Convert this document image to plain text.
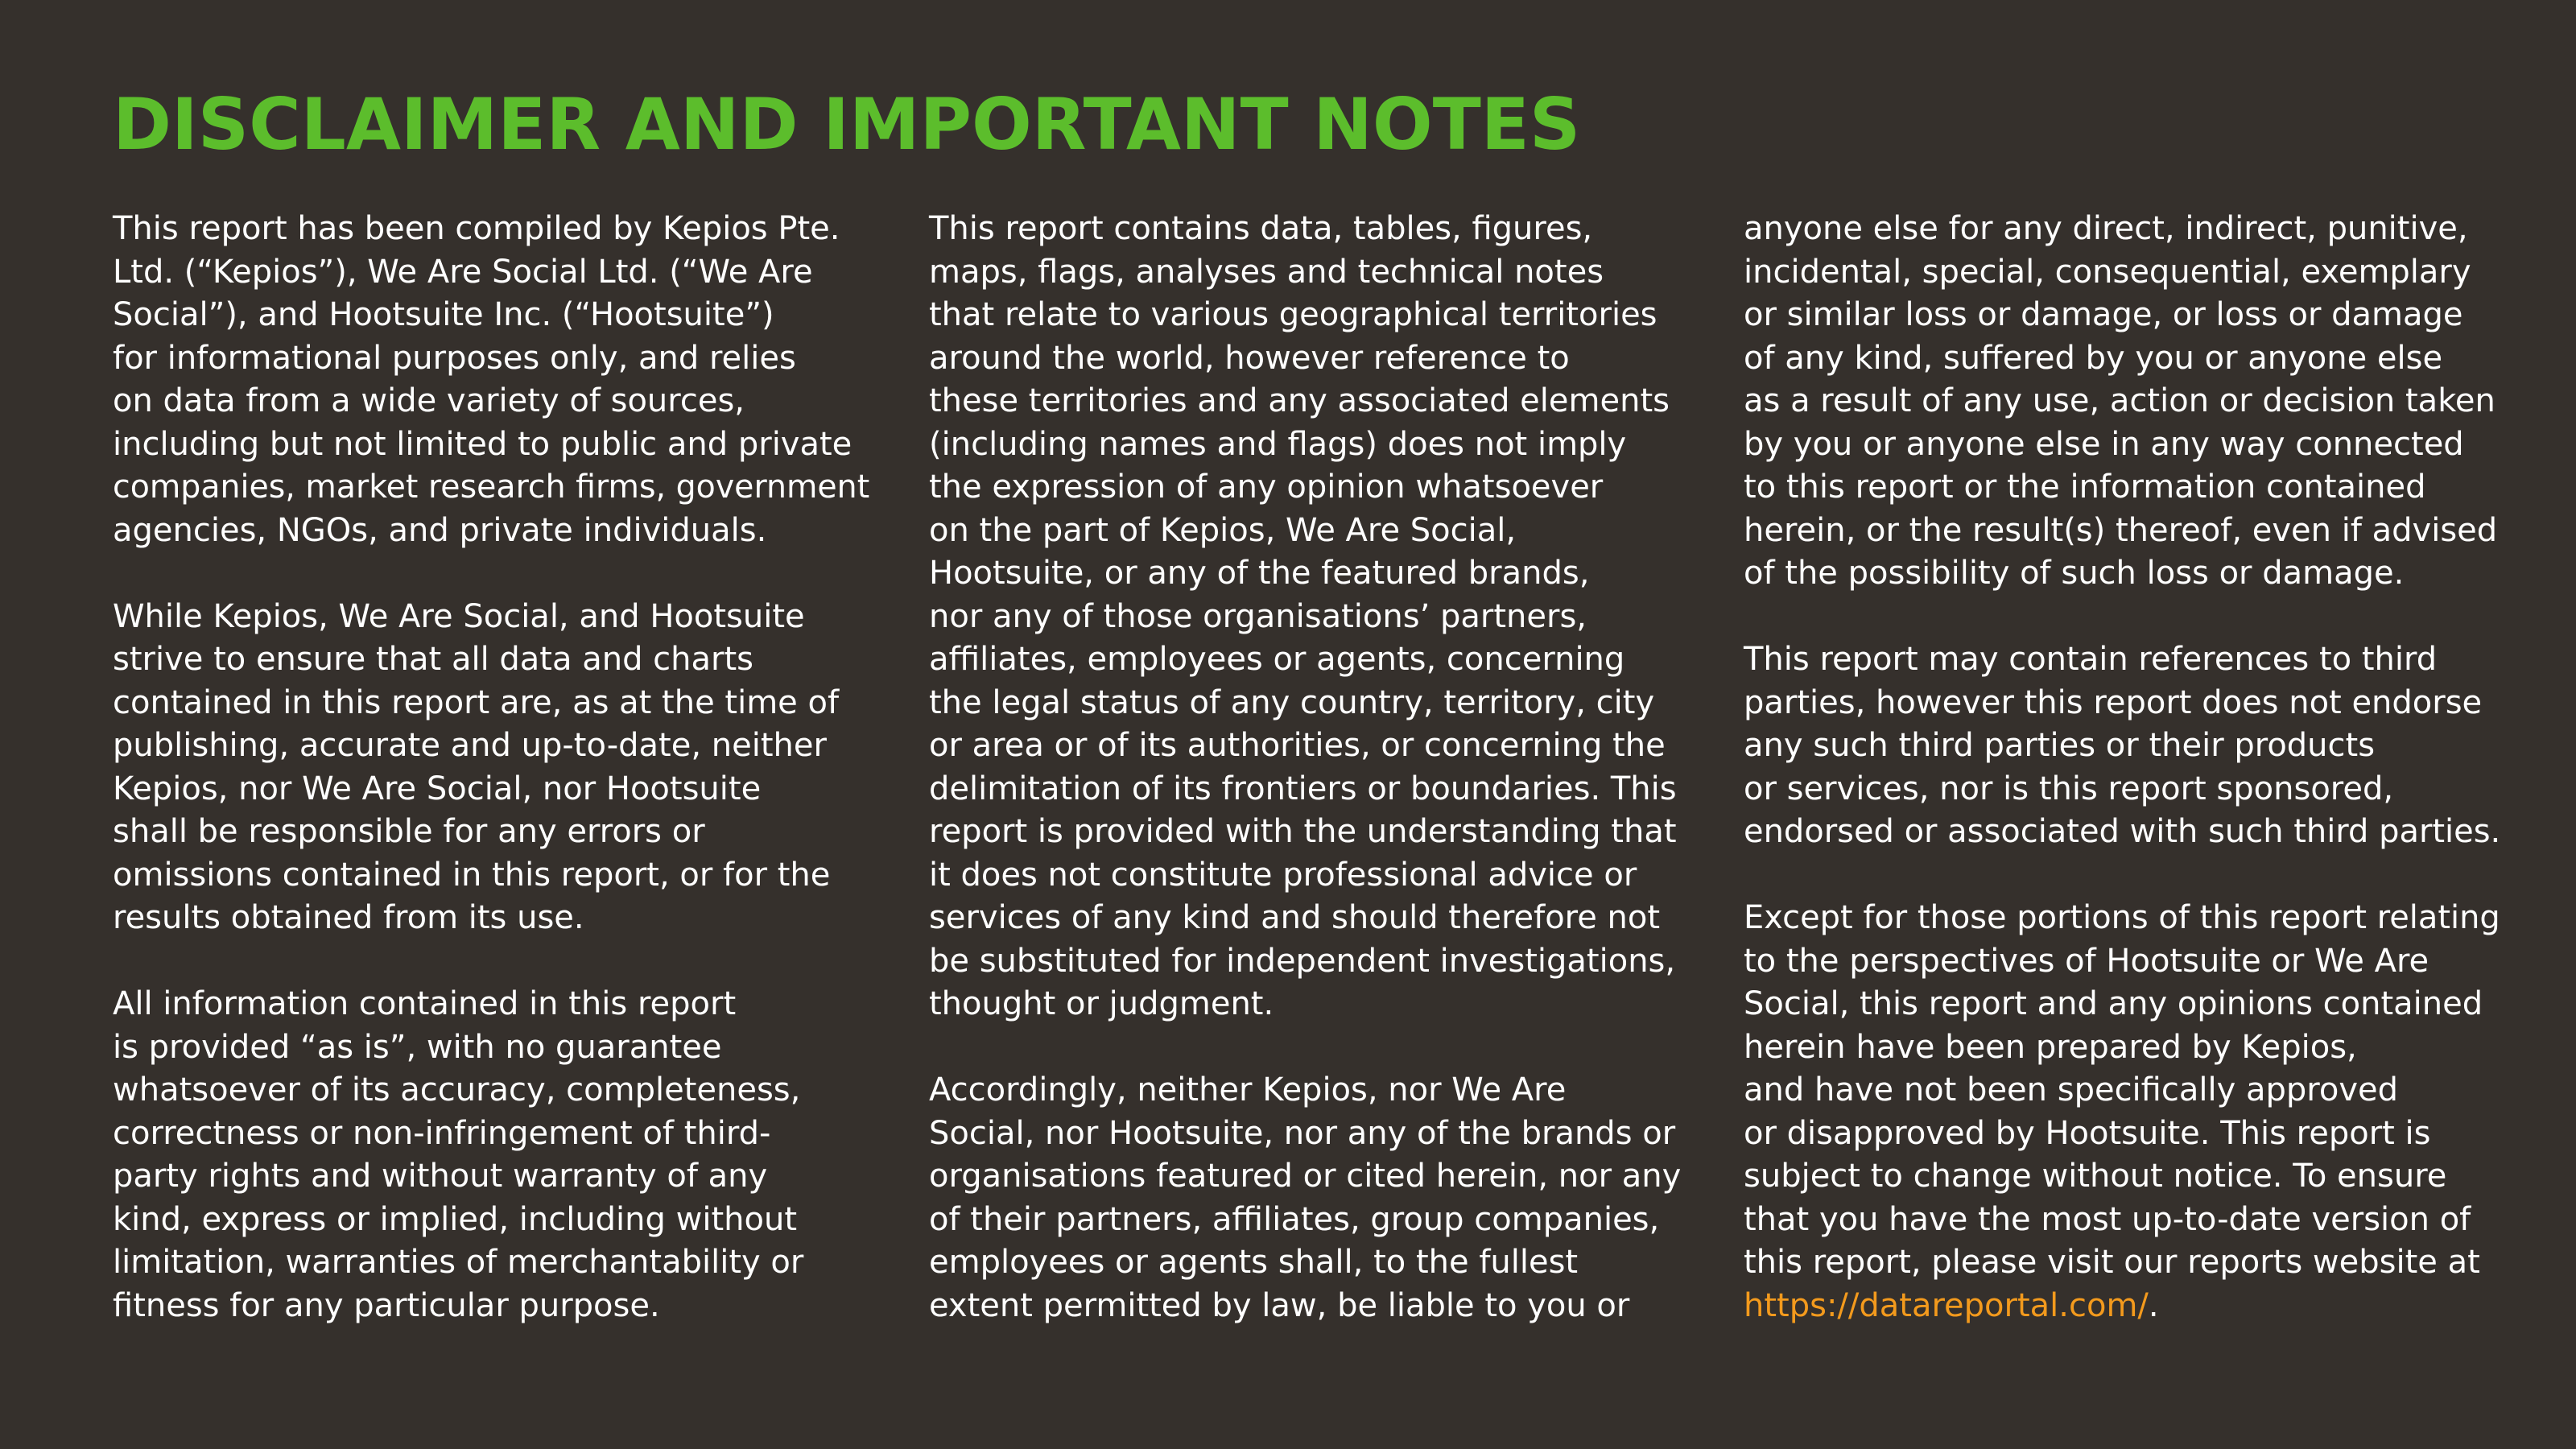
DISCLAIMER AND IMPORTANT NOTES
This report has been compiled by Kepios Pte.
Ltd. (“Kepios”), We Are Social Ltd. (“We Are
Social”), and Hootsuite Inc. (“Hootsuite”)
for informational purposes only, and relies
on data from a wide variety of sources,
including but not limited to public and private
companies, market research firms, government
agencies, NGOs, and private individuals.
While Kepios, We Are Social, and Hootsuite
strive to ensure that all data and charts
contained in this report are, as at the time of
publishing, accurate and up-to-date, neither
Kepios, nor We Are Social, nor Hootsuite
shall be responsible for any errors or
omissions contained in this report, or for the
results obtained from its use.
All information contained in this report
is provided “as is”, with no guarantee
whatsoever of its accuracy, completeness,
correctness or non-infringement of third-
party rights and without warranty of any
kind, express or implied, including without
limitation, warranties of merchantability or
fitness for any particular purpose.
This report contains data, tables, figures,
maps, flags, analyses and technical notes
that relate to various geographical territories
around the world, however reference to
these territories and any associated elements
(including names and flags) does not imply
the expression of any opinion whatsoever
on the part of Kepios, We Are Social,
Hootsuite, or any of the featured brands,
nor any of those organisations’ partners,
affiliates, employees or agents, concerning
the legal status of any country, territory, city
or area or of its authorities, or concerning the
delimitation of its frontiers or boundaries. This
report is provided with the understanding that
it does not constitute professional advice or
services of any kind and should therefore not
be substituted for independent investigations,
thought or judgment.
Accordingly, neither Kepios, nor We Are
Social, nor Hootsuite, nor any of the brands or
organisations featured or cited herein, nor any
of their partners, affiliates, group companies,
employees or agents shall, to the fullest
extent permitted by law, be liable to you or
anyone else for any direct, indirect, punitive,
incidental, special, consequential, exemplary
or similar loss or damage, or loss or damage
of any kind, suffered by you or anyone else
as a result of any use, action or decision taken
by you or anyone else in any way connected
to this report or the information contained
herein, or the result(s) thereof, even if advised
of the possibility of such loss or damage.
This report may contain references to third
parties, however this report does not endorse
any such third parties or their products
or services, nor is this report sponsored,
endorsed or associated with such third parties.
Except for those portions of this report relating
to the perspectives of Hootsuite or We Are
Social, this report and any opinions contained
herein have been prepared by Kepios,
and have not been specifically approved
or disapproved by Hootsuite. This report is
subject to change without notice. To ensure
that you have the most up-to-date version of
this report, please visit our reports website at
https://datareportal.com/.
